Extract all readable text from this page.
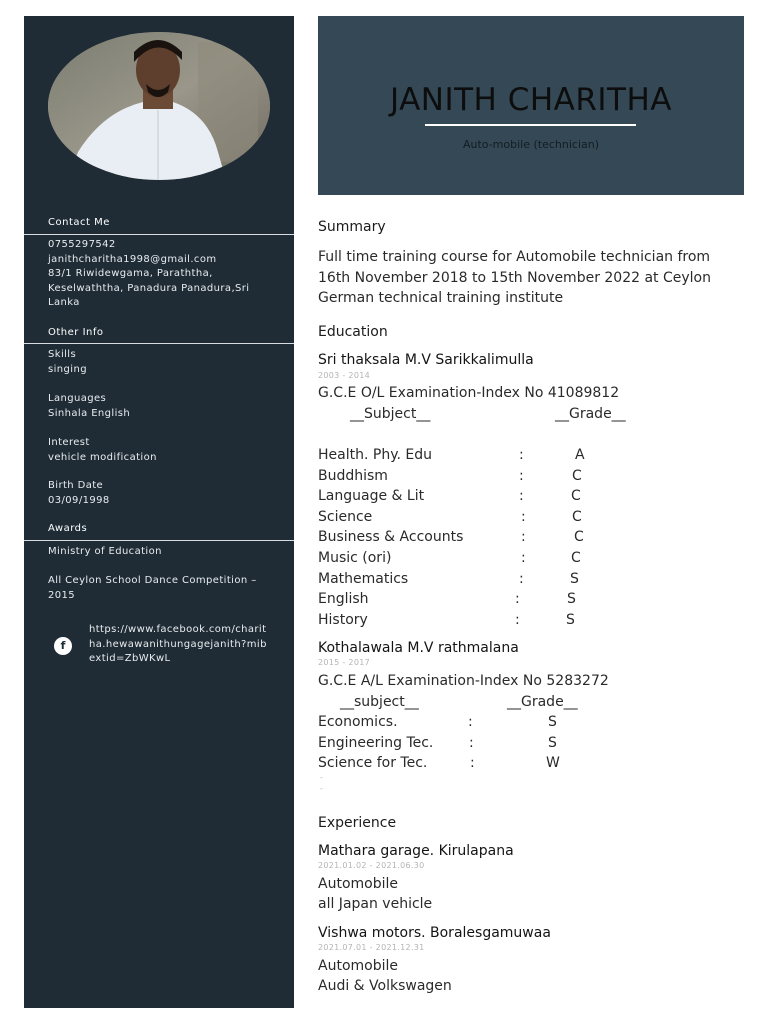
Contact Me
0755297542
janithcharitha1998@gmail.com
83/1 Riwidewgama, Paraththa, Keselwaththa, Panadura Panadura,Sri Lanka
Other Info
Skills
singing
Languages
Sinhala English
Interest
vehicle modification
Birth Date
03/09/1998
Awards
Ministry of Education
All Ceylon School Dance Competition – 2015
f
https://www.facebook.com/charitha.hewawanithungagejanith?mibextid=ZbWKwL
JANITH CHARITHA
Auto-mobile (technician)
Summary
Full time training course for Automobile technician from 16th November 2018 to 15th November 2022 at Ceylon German technical training institute
Education
Sri thaksala M.V Sarikkalimulla
2003 - 2014
G.C.E O/L Examination-Index No 41089812
__Subject__	__Grade__
Health. Phy. Edu	:	A
Buddhism	:	C
Language & Lit	:	C
Science	:	C
Business & Accounts	:	C
Music (ori)	:	C
Mathematics	:	S
English	:	S
History	:	S
Kothalawala M.V rathmalana
2015 - 2017
G.C.E A/L Examination-Index No 5283272
__subject__	__Grade__
Economics.	:	S
Engineering Tec.	:	S
Science for Tec.	:	W
-
-
Experience
Mathara garage. Kirulapana
2021.01.02 - 2021.06.30
Automobile
all Japan vehicle
Vishwa motors. Boralesgamuwaa
2021.07.01 - 2021.12.31
Automobile
Audi & Volkswagen
